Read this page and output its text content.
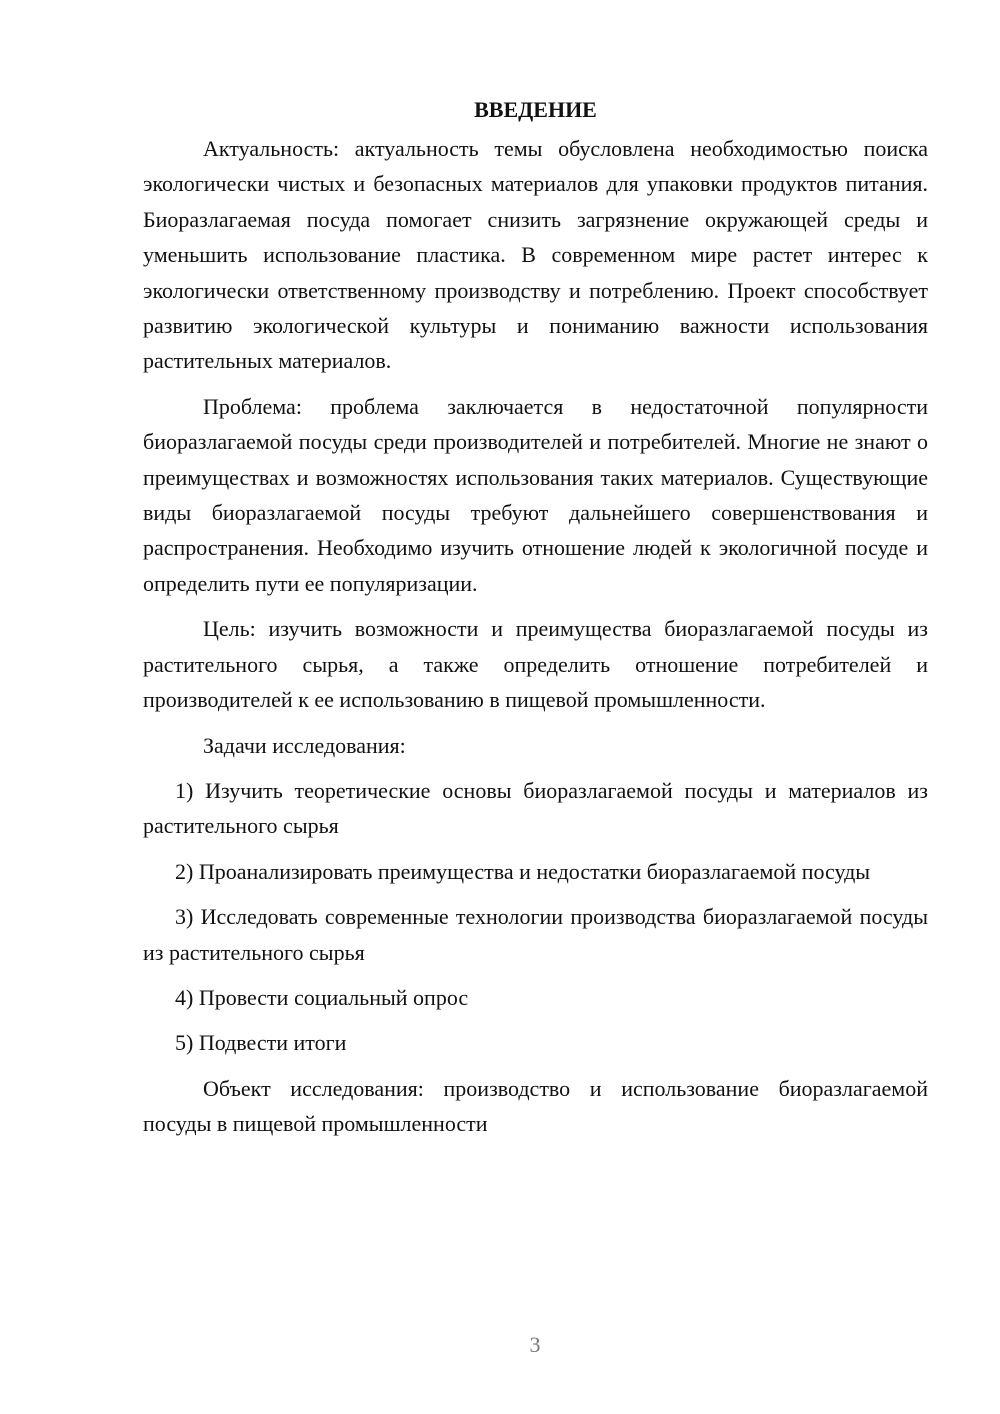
ВВЕДЕНИЕ

Актуальность: актуальность темы обусловлена необходимостью поиска экологически чистых и безопасных материалов для упаковки продуктов питания. Биоразлагаемая посуда помогает снизить загрязнение окружающей среды и уменьшить использование пластика. В современном мире растет интерес к экологически ответственному производству и потреблению. Проект способствует развитию экологической культуры и пониманию важности использования растительных материалов.

Проблема: проблема заключается в недостаточной популярности биоразлагаемой посуды среди производителей и потребителей. Многие не знают о преимуществах и возможностях использования таких материалов. Существующие виды биоразлагаемой посуды требуют дальнейшего совершенствования и распространения. Необходимо изучить отношение людей к экологичной посуде и определить пути ее популяризации.

Цель: изучить возможности и преимущества биоразлагаемой посуды из растительного сырья, а также определить отношение потребителей и производителей к ее использованию в пищевой промышленности.

Задачи исследования:

1) Изучить теоретические основы биоразлагаемой посуды и материалов из растительного сырья

2) Проанализировать преимущества и недостатки биоразлагаемой посуды

3) Исследовать современные технологии производства биоразлагаемой посуды из растительного сырья

4) Провести социальный опрос

5) Подвести итоги

Объект исследования: производство и использование биоразлагаемой посуды в пищевой промышленности

3
